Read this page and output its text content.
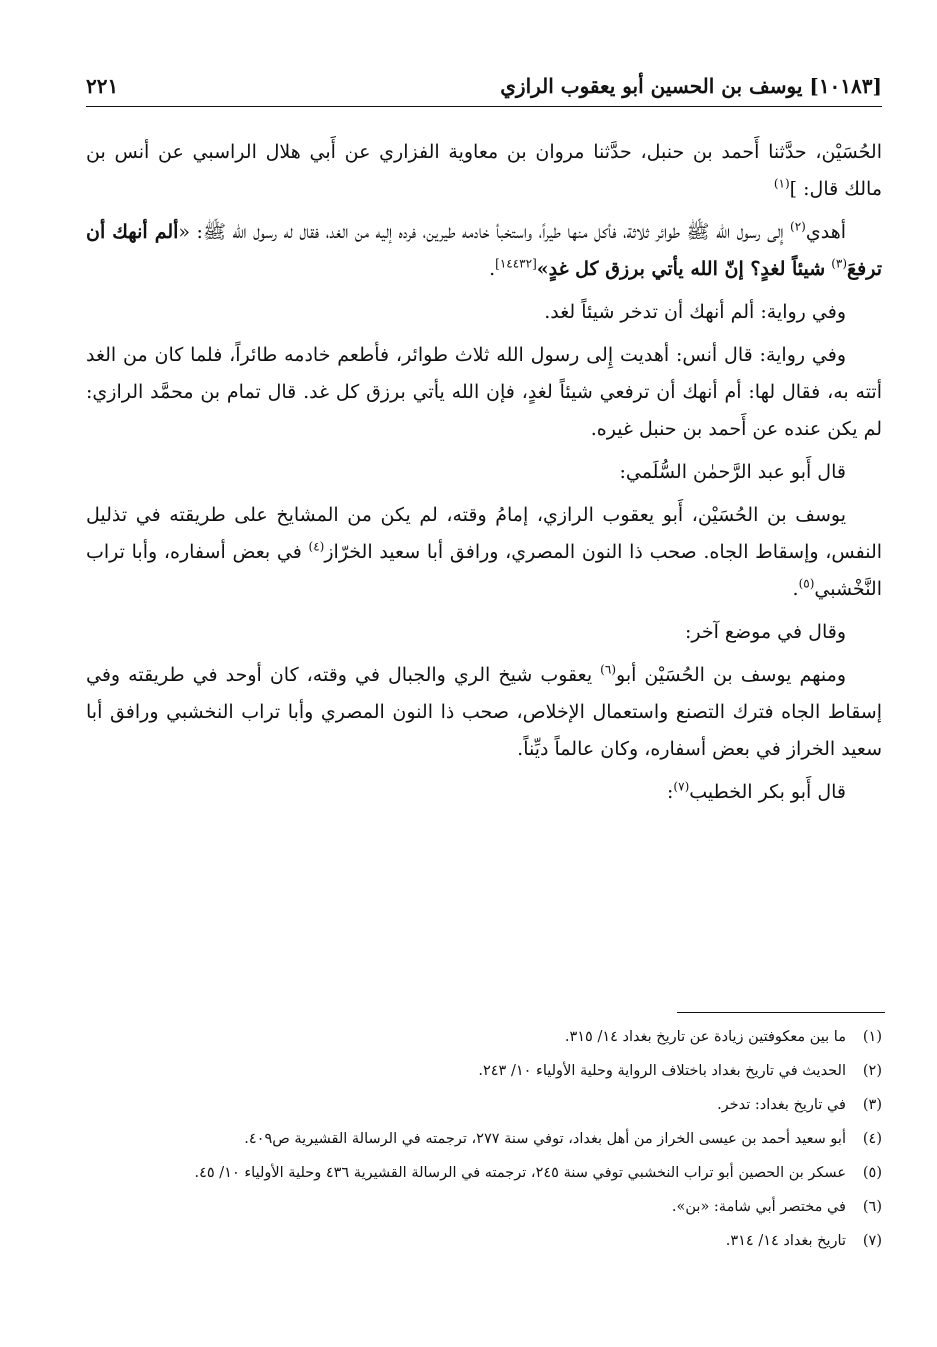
[١٠١٨٣] يوسف بن الحسين أبو يعقوب الرازي
٢٢١

الحُسَيْن، حدَّثنا أَحمد بن حنبل، حدَّثنا مروان بن معاوية الفزاري عن أَبي هلال الراسبي عن أنس بن مالك قال: ]$^{(١)}$

أهدي$^{(٢)}$ إِلى رسول الله ﷺ طوائر ثلاثة، فأكل منها طيراً، واستخبأ خادمه طيرين، فرده إليه من الغد، فقال له رسول الله ﷺ: «ألم أنهك أن ترفعَ$^{(٣)}$ شيئاً لغدٍ؟ إنّ الله يأتي برزق كل غدٍ»[١٤٤٣٢].

وفي رواية: ألم أنهك أن تدخر شيئاً لغد.

وفي رواية: قال أنس: أهديت إِلى رسول الله ثلاث طوائر، فأطعم خادمه طائراً، فلما كان من الغد أتته به، فقال لها: أم أنهك أن ترفعي شيئاً لغدٍ، فإن الله يأتي برزق كل غد. قال تمام بن محمَّد الرازي: لم يكن عنده عن أَحمد بن حنبل غيره.

قال أَبو عبد الرَّحمٰن السُّلَمي:

يوسف بن الحُسَيْن، أَبو يعقوب الرازي، إمامُ وقته، لم يكن من المشايخ على طريقته في تذليل النفس، وإسقاط الجاه. صحب ذا النون المصري، ورافق أبا سعيد الخرّاز$^{(٤)}$ في بعض أسفاره، وأبا تراب النَّخْشبي$^{(٥)}$.

وقال في موضع آخر:

ومنهم يوسف بن الحُسَيْن أبو$^{(٦)}$ يعقوب شيخ الري والجبال في وقته، كان أوحد في طريقته وفي إسقاط الجاه فترك التصنع واستعمال الإخلاص، صحب ذا النون المصري وأبا تراب النخشبي ورافق أبا سعيد الخراز في بعض أسفاره، وكان عالماً ديِّناً.

قال أَبو بكر الخطيب$^{(٧)}$:

(١)
ما بين معكوفتين زيادة عن تاريخ بغداد ١٤/ ٣١٥.
(٢)
الحديث في تاريخ بغداد باختلاف الرواية وحلية الأولياء ١٠/ ٢٤٣.
(٣)
في تاريخ بغداد: تدخر.
(٤)
أبو سعيد أحمد بن عيسى الخراز من أهل بغداد، توفي سنة ٢٧٧، ترجمته في الرسالة القشيرية ص٤٠٩.
(٥)
عسكر بن الحصين أبو تراب النخشبي توفي سنة ٢٤٥، ترجمته في الرسالة القشيرية ٤٣٦ وحلية الأولياء ١٠/ ٤٥.
(٦)
في مختصر أبي شامة: «بن».
(٧)
تاريخ بغداد ١٤/ ٣١٤.
